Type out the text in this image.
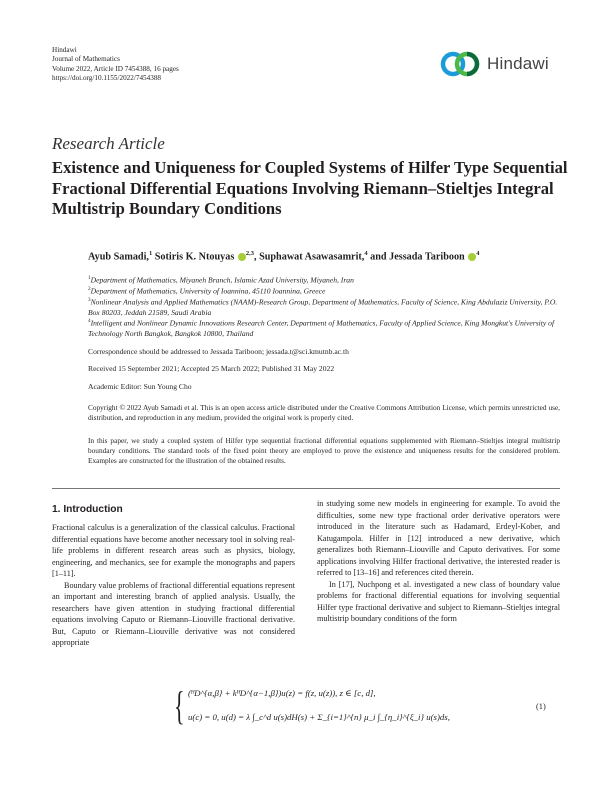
Hindawi
Journal of Mathematics
Volume 2022, Article ID 7454388, 16 pages
https://doi.org/10.1155/2022/7454388
Hindawi
Research Article
Existence and Uniqueness for Coupled Systems of Hilfer Type Sequential Fractional Differential Equations Involving Riemann–Stieltjes Integral Multistrip Boundary Conditions
Ayub Samadi,$^1$ Sotiris K. Ntouyas $^{2,3}$, Suphawat Asawasamrit,$^4$ and Jessada Tariboon $^4$
$^1$Department of Mathematics, Miyaneh Branch, Islamic Azad University, Miyaneh, Iran
$^2$Department of Mathematics, University of Ioannina, 45110 Ioannina, Greece
$^3$Nonlinear Analysis and Applied Mathematics (NAAM)-Research Group, Department of Mathematics, Faculty of Science, King Abdulaziz University, P.O. Box 80203, Jeddah 21589, Saudi Arabia
$^4$Intelligent and Nonlinear Dynamic Innovations Research Center, Department of Mathematics, Faculty of Applied Science, King Mongkut's University of Technology North Bangkok, Bangkok 10800, Thailand
Correspondence should be addressed to Jessada Tariboon; jessada.t@sci.kmutnb.ac.th
Received 15 September 2021; Accepted 25 March 2022; Published 31 May 2022
Academic Editor: Sun Young Cho
Copyright © 2022 Ayub Samadi et al. This is an open access article distributed under the Creative Commons Attribution License, which permits unrestricted use, distribution, and reproduction in any medium, provided the original work is properly cited.
In this paper, we study a coupled system of Hilfer type sequential fractional differential equations supplemented with Riemann–Stieltjes integral multistrip boundary conditions. The standard tools of the fixed point theory are employed to prove the existence and uniqueness results for the considered problem. Examples are constructed for the illustration of the obtained results.
1. Introduction

Fractional calculus is a generalization of the classical calculus. Fractional differential equations have become another necessary tool in solving real-life problems in different research areas such as physics, biology, engineering, and mechanics, see for example the monographs and papers [1–11].

Boundary value problems of fractional differential equations represent an important and interesting branch of applied analysis. Usually, the researchers have given attention in studying fractional differential equations involving Caputo or Riemann–Liouville fractional derivative. But, Caputo or Riemann–Liouville derivative was not considered appropriate

in studying some new models in engineering for example. To avoid the difficulties, some new type fractional order derivative operators were introduced in the literature such as Hadamard, Erdeyl-Kober, and Katugampola. Hilfer in [12] introduced a new derivative, which generalizes both Riemann–Liouville and Caputo derivatives. For some applications involving Hilfer fractional derivative, the interested reader is referred to [13–16] and references cited therein.

In [17], Nuchpong et al. investigated a new class of boundary value problems for fractional differential equations for involving sequential Hilfer type fractional derivative and subject to Riemann–Stieltjes integral multistrip boundary conditions of the form

{ (ᴴD^{α,β} + kᴴD^{α−1,β})u(z) = f(z, u(z)), z ∈ [c, d],
u(c) = 0, u(d) = λ ∫_c^d u(s)dH(s) + Σ_{i=1}^{n} μ_i ∫_{η_i}^{ξ_i} u(s)ds,
(1)
